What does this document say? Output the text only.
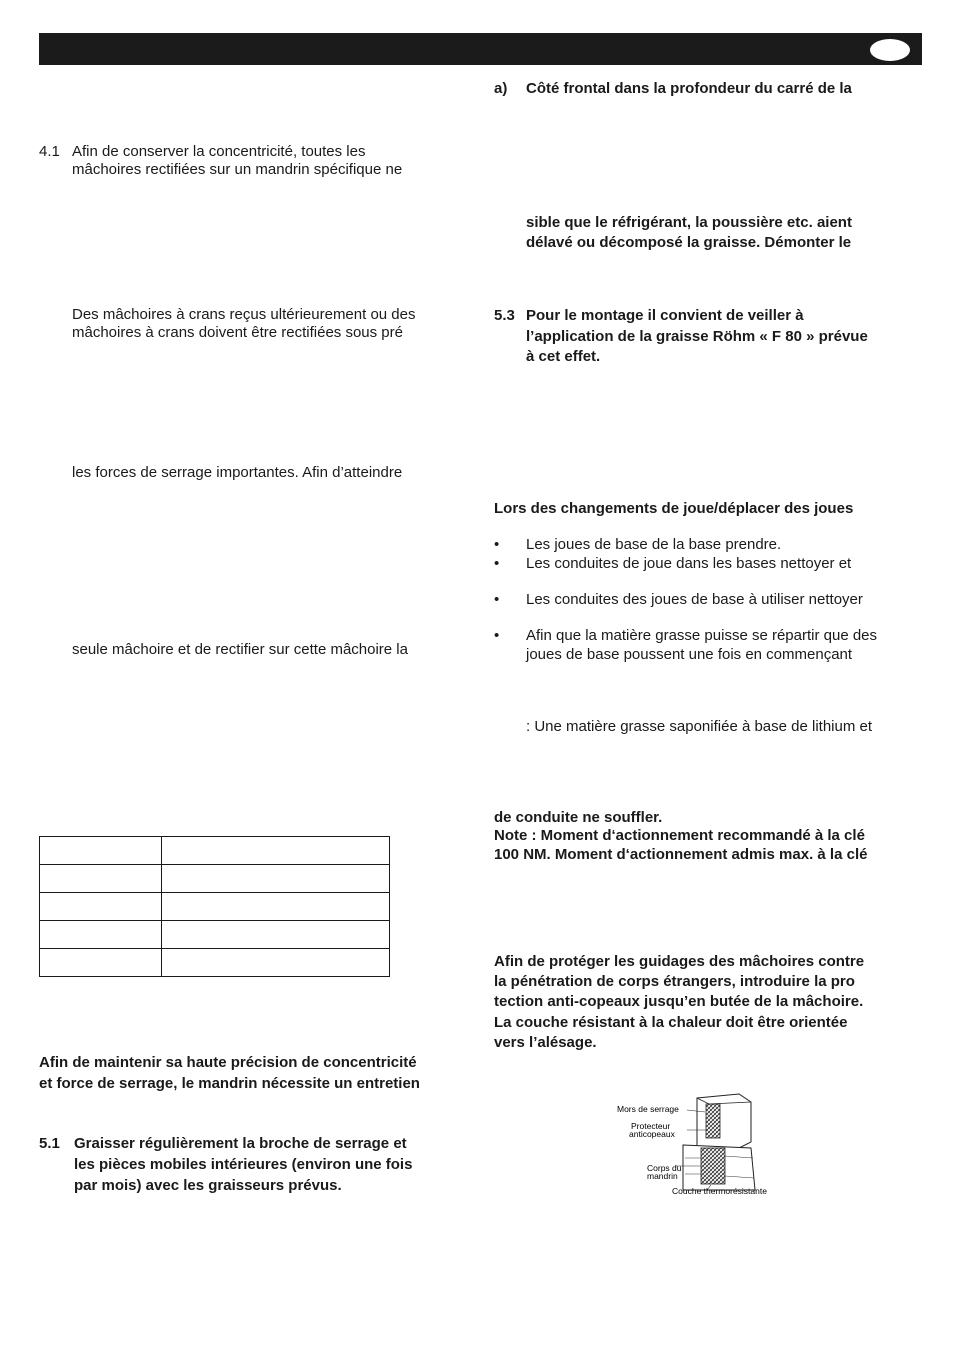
4.1 Afin de conserver la concentricité, toutes les
mâchoires rectifiées sur un mandrin spécifique ne
Des mâchoires à crans reçus ultérieurement ou des
mâchoires à crans doivent être rectifiées sous pré
les forces de serrage importantes. Afin d’atteindre
seule mâchoire et de rectifier sur cette mâchoire la

Afin de maintenir sa haute précision de concentricité
et force de serrage, le mandrin nécessite un entretien
5.1 Graisser régulièrement la broche de serrage et
les pièces mobiles intérieures (environ une fois
par mois) avec les graisseurs prévus.
a) Côté frontal dans la profondeur du carré de la
sible que le réfrigérant, la poussière etc. aient
délavé ou décomposé la graisse. Démonter le
5.3 Pour le montage il convient de veiller à
l’application de la graisse Röhm « F 80 » prévue
à cet effet.
Lors des changements de joue/déplacer des joues
• Les joues de base de la base prendre.
• Les conduites de joue dans les bases nettoyer et
• Les conduites des joues de base à utiliser nettoyer
• Afin que la matière grasse puisse se répartir que des
joues de base poussent une fois en commençant
: Une matière grasse saponifiée à base de lithium et
de conduite ne souffler.
Note : Moment d‘actionnement recommandé à la clé
100 NM. Moment d‘actionnement admis max. à la clé
Afin de protéger les guidages des mâchoires contre
la pénétration de corps étrangers, introduire la pro
tection anti-copeaux jusqu’en butée de la mâchoire.
La couche résistant à la chaleur doit être orientée
vers l’alésage.
Mors de serrage
Protecteur
anticopeaux
Corps du
mandrin
Couche thermorésistante
